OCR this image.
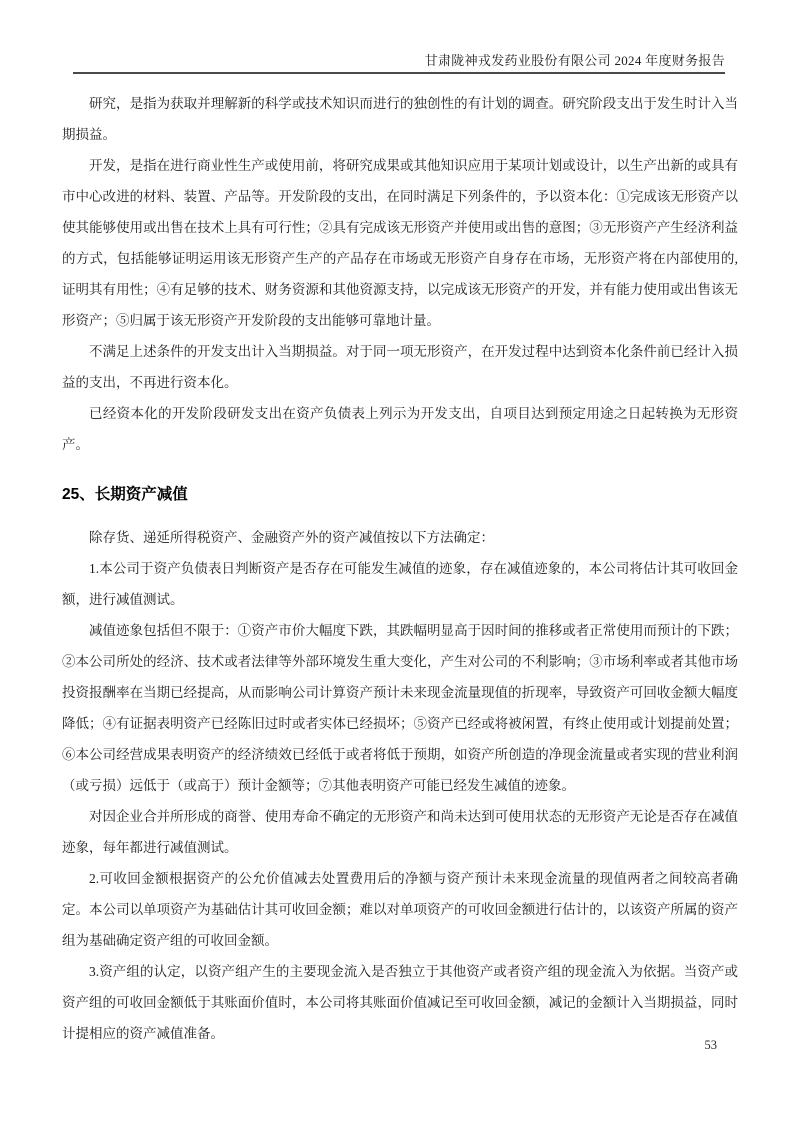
甘肃陇神戎发药业股份有限公司 2024 年度财务报告

研究，是指为获取并理解新的科学或技术知识而进行的独创性的有计划的调查。研究阶段支出于发生时计入当期损益。

开发，是指在进行商业性生产或使用前，将研究成果或其他知识应用于某项计划或设计，以生产出新的或具有市中心改进的材料、装置、产品等。开发阶段的支出，在同时满足下列条件的，予以资本化：①完成该无形资产以使其能够使用或出售在技术上具有可行性；②具有完成该无形资产并使用或出售的意图；③无形资产产生经济利益的方式，包括能够证明运用该无形资产生产的产品存在市场或无形资产自身存在市场，无形资产将在内部使用的,证明其有用性；④有足够的技术、财务资源和其他资源支持，以完成该无形资产的开发，并有能力使用或出售该无形资产；⑤归属于该无形资产开发阶段的支出能够可靠地计量。

不满足上述条件的开发支出计入当期损益。对于同一项无形资产，在开发过程中达到资本化条件前已经计入损益的支出，不再进行资本化。

已经资本化的开发阶段研发支出在资产负债表上列示为开发支出，自项目达到预定用途之日起转换为无形资产。

25、长期资产减值

除存货、递延所得税资产、金融资产外的资产减值按以下方法确定：

1.本公司于资产负债表日判断资产是否存在可能发生减值的迹象，存在减值迹象的，本公司将估计其可收回金额，进行减值测试。

减值迹象包括但不限于：①资产市价大幅度下跌，其跌幅明显高于因时间的推移或者正常使用而预计的下跌；②本公司所处的经济、技术或者法律等外部环境发生重大变化，产生对公司的不利影响；③市场利率或者其他市场投资报酬率在当期已经提高，从而影响公司计算资产预计未来现金流量现值的折现率，导致资产可回收金额大幅度降低；④有证据表明资产已经陈旧过时或者实体已经损坏；⑤资产已经或将被闲置，有终止使用或计划提前处置；⑥本公司经营成果表明资产的经济绩效已经低于或者将低于预期，如资产所创造的净现金流量或者实现的营业利润（或亏损）远低于（或高于）预计金额等；⑦其他表明资产可能已经发生减值的迹象。

对因企业合并所形成的商誉、使用寿命不确定的无形资产和尚未达到可使用状态的无形资产无论是否存在减值迹象，每年都进行减值测试。

2.可收回金额根据资产的公允价值减去处置费用后的净额与资产预计未来现金流量的现值两者之间较高者确定。本公司以单项资产为基础估计其可收回金额；难以对单项资产的可收回金额进行估计的，以该资产所属的资产组为基础确定资产组的可收回金额。

3.资产组的认定，以资产组产生的主要现金流入是否独立于其他资产或者资产组的现金流入为依据。当资产或资产组的可收回金额低于其账面价值时，本公司将其账面价值减记至可收回金额，减记的金额计入当期损益，同时计提相应的资产减值准备。

53
